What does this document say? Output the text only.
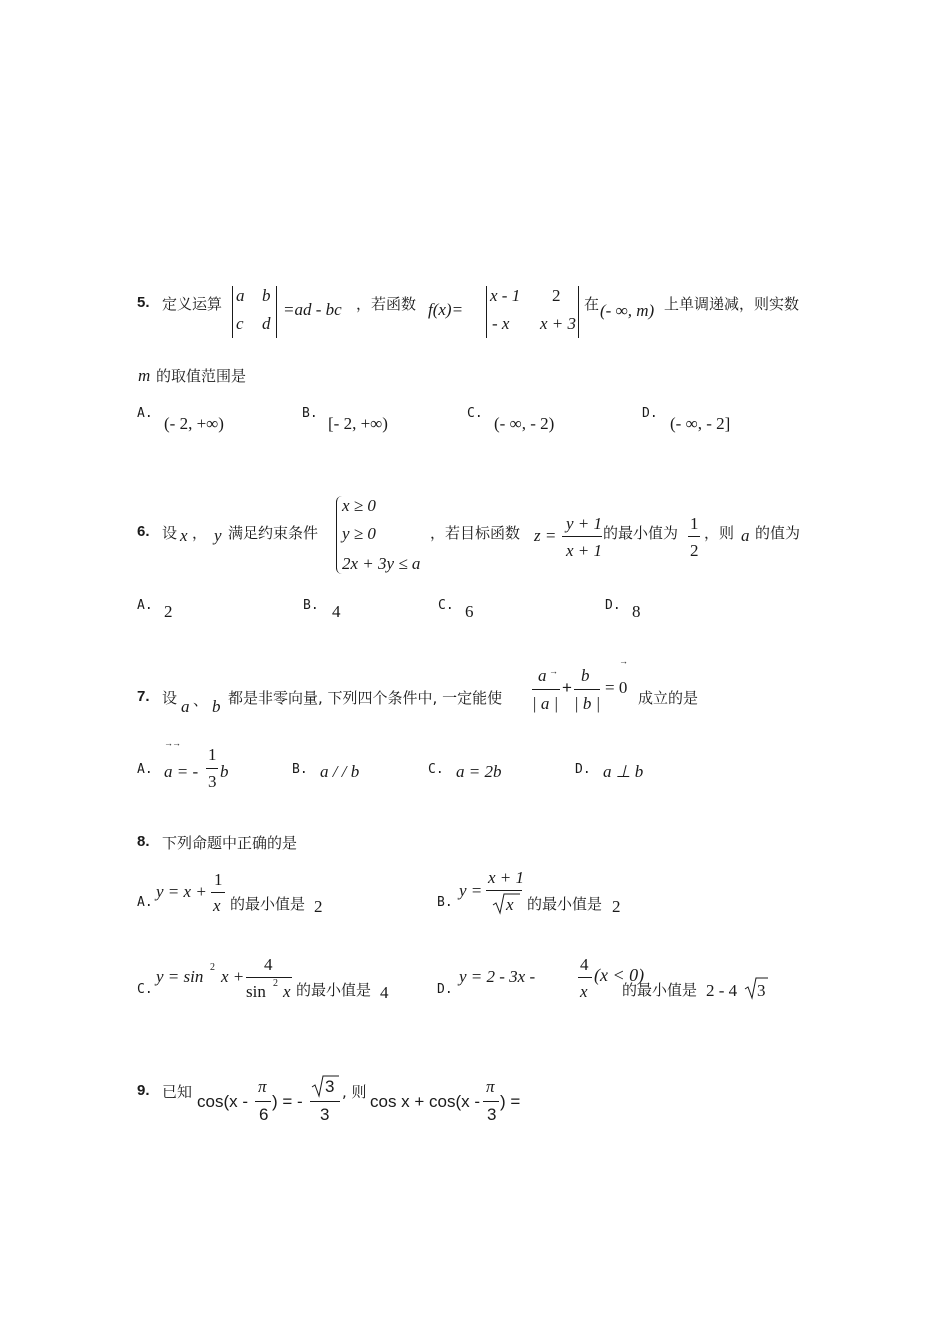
5. 定义运算 a b
c d
=ad - bc ，若函数 f(x)=
x - 1 2
- x x + 3
在 (- ∞, m) 上单调递减，则实数
m 的取值范围是
A.
(- 2, +∞)
B.
[- 2, +∞)
C.
(- ∞, - 2)
D.
(- ∞, - 2]
6. 设 x ， y 满足约束条件
x ≥ 0
y ≥ 0
2x + 3y ≤ a
，若目标函数 z =
y + 1
x + 1
的最小值为 1
2
，则 a 的值为
A. 2	B. 4	C. 6	D. 8
7. 设 a 、 b 都是非零向量, 下列四个条件中, 一定能使
a →
| a |
+
b
| b |
→
= 0
成立的是
→→
A. a = -
1
3
b	B. a / / b	C. a = 2b	D. a ⊥ b
8. 下列命题中正确的是
A.
y = x +
1
x 的最小值是 2	B.
y =
x + 1
x 的最小值是 2
C.
y = sin 2 x +
4
sin 2 x 的最小值是 4	D.
y = 2 - 3x -
4
x
(x < 0)
的最小值是 2 - 4 3
9. 已知 cos(x -
π
6
) = -
3
3
, 则 cos x + cos(x -
π
3
) =
